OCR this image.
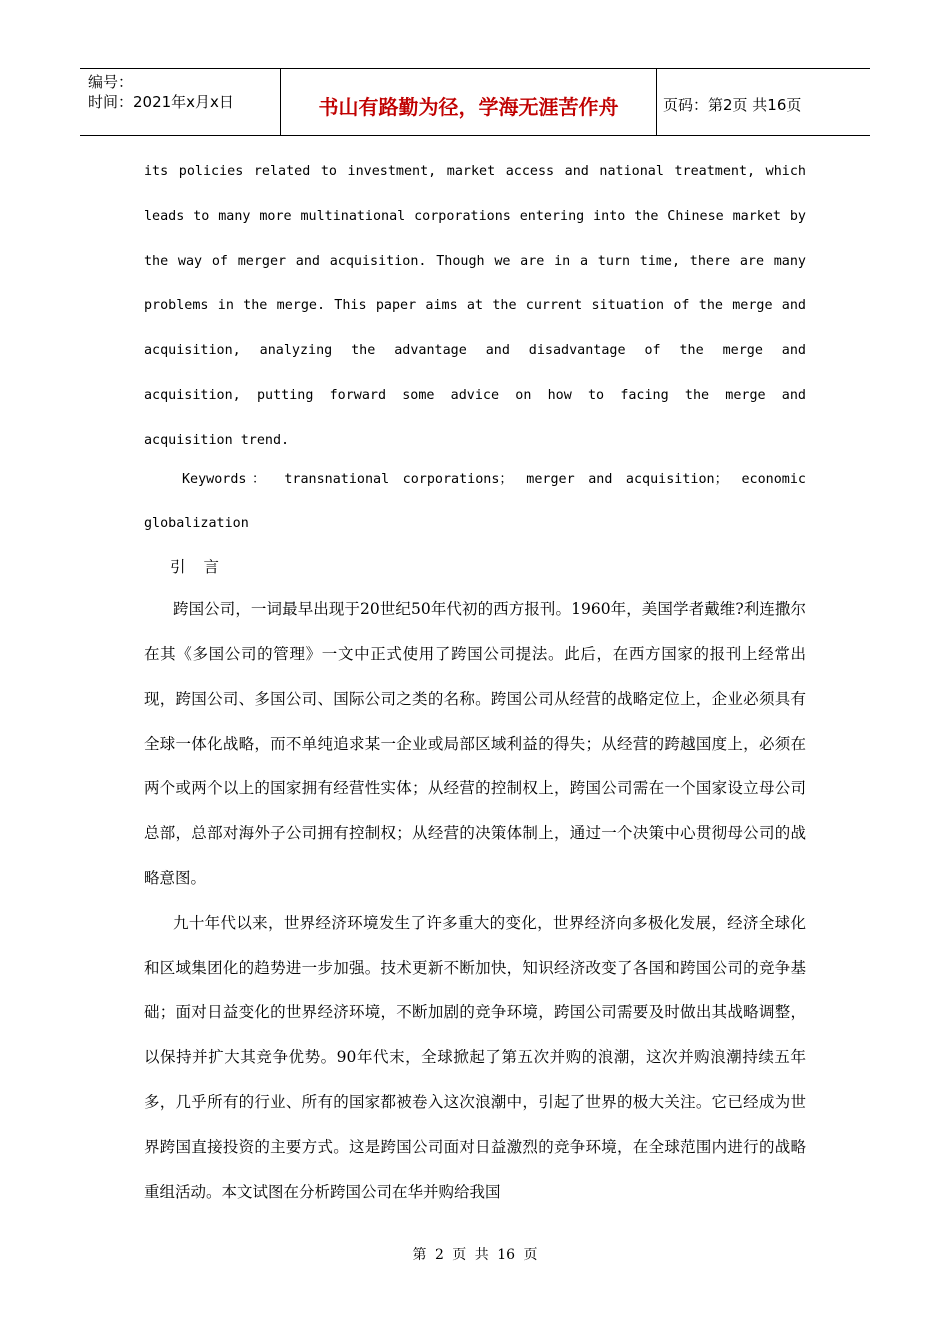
编号：
时间：2021年x月x日	书山有路勤为径，学海无涯苦作舟	页码：第2页 共16页

its policies related to investment, market access and national treatment, which leads to many more multinational corporations entering into the Chinese market by the way of merger and acquisition. Though we are in a turn time, there are many problems in the merge. This paper aims at the current situation of the merge and acquisition, analyzing the advantage and disadvantage of the merge and acquisition, putting forward some advice on how to facing the merge and acquisition trend.

Keywords： transnational corporations； merger and acquisition； economic globalization

引言

跨国公司，一词最早出现于20世纪50年代初的西方报刊。1960年，美国学者戴维?利连撒尔在其《多国公司的管理》一文中正式使用了跨国公司提法。此后，在西方国家的报刊上经常出现，跨国公司、多国公司、国际公司之类的名称。跨国公司从经营的战略定位上，企业必须具有全球一体化战略，而不单纯追求某一企业或局部区域利益的得失；从经营的跨越国度上，必须在两个或两个以上的国家拥有经营性实体；从经营的控制权上，跨国公司需在一个国家设立母公司总部，总部对海外子公司拥有控制权；从经营的决策体制上，通过一个决策中心贯彻母公司的战略意图。

九十年代以来，世界经济环境发生了许多重大的变化，世界经济向多极化发展，经济全球化和区域集团化的趋势进一步加强。技术更新不断加快，知识经济改变了各国和跨国公司的竞争基础；面对日益变化的世界经济环境，不断加剧的竞争环境，跨国公司需要及时做出其战略调整，以保持并扩大其竞争优势。90年代末，全球掀起了第五次并购的浪潮，这次并购浪潮持续五年多，几乎所有的行业、所有的国家都被卷入这次浪潮中，引起了世界的极大关注。它已经成为世界跨国直接投资的主要方式。这是跨国公司面对日益激烈的竞争环境，在全球范围内进行的战略重组活动。本文试图在分析跨国公司在华并购给我国

第 2 页 共 16 页
